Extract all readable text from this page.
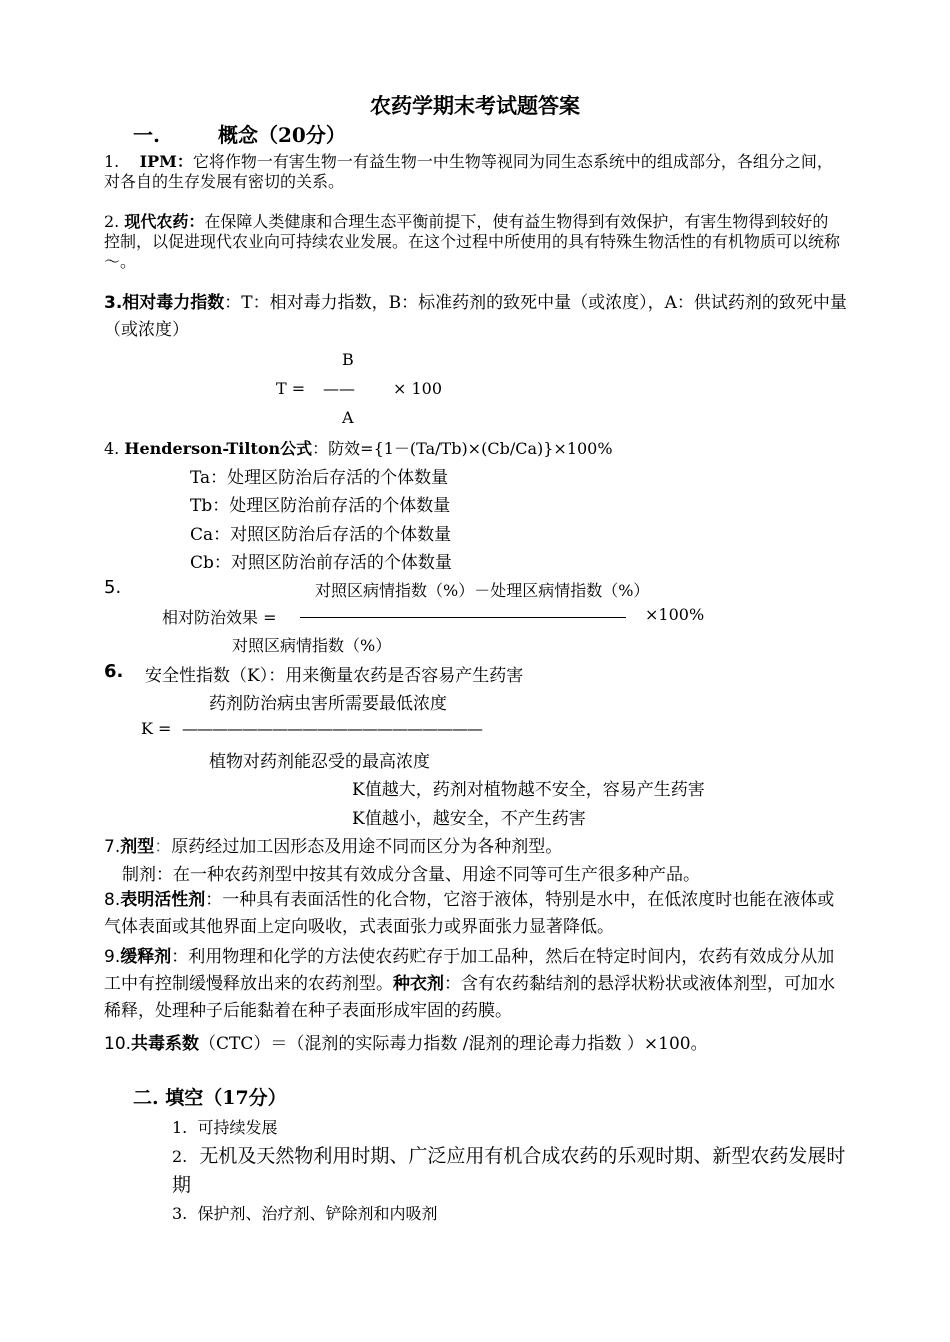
农药学期末考试题答案
一.	概念（20分）
1. IPM：它将作物一有害生物一有益生物一中生物等视同为同生态系统中的组成部分，各组分之间，对各自的生存发展有密切的关系。
2. 现代农药：在保障人类健康和合理生态平衡前提下，使有益生物得到有效保护，有害生物得到较好的控制，以促进现代农业向可持续农业发展。在这个过程中所使用的具有特殊生物活性的有机物质可以统称～。
3.相对毒力指数：T：相对毒力指数，B：标准药剂的致死中量（或浓度），A：供试药剂的致死中量（或浓度）
B
T = —— × 100
A
4. Henderson-Tilton公式：防效={1－(Ta/Tb)×(Cb/Ca)}×100%
Ta：处理区防治后存活的个体数量
Tb：处理区防治前存活的个体数量
Ca：对照区防治后存活的个体数量
Cb：对照区防治前存活的个体数量
5.	对照区病情指数（%）－处理区病情指数（%）
相对防治效果 =	×100%
对照区病情指数（%）
6. 安全性指数（K）：用来衡量农药是否容易产生药害
药剂防治病虫害所需要最低浓度
K = ————————————————————
植物对药剂能忍受的最高浓度
K值越大，药剂对植物越不安全，容易产生药害
K值越小，越安全，不产生药害
7.剂型：原药经过加工因形态及用途不同而区分为各种剂型。
制剂：在一种农药剂型中按其有效成分含量、用途不同等可生产很多种产品。
8.表明活性剂：一种具有表面活性的化合物，它溶于液体，特别是水中，在低浓度时也能在液体或气体表面或其他界面上定向吸收，式表面张力或界面张力显著降低。
9.缓释剂：利用物理和化学的方法使农药贮存于加工品种，然后在特定时间内，农药有效成分从加工中有控制缓慢释放出来的农药剂型。种衣剂：含有农药黏结剂的悬浮状粉状或液体剂型，可加水稀释，处理种子后能黏着在种子表面形成牢固的药膜。
10.共毒系数（CTC）＝（混剂的实际毒力指数 /混剂的理论毒力指数 ）×100。
二. 填空（17分）
1. 可持续发展
2. 无机及天然物利用时期、广泛应用有机合成农药的乐观时期、新型农药发展时期
3. 保护剂、治疗剂、铲除剂和内吸剂
